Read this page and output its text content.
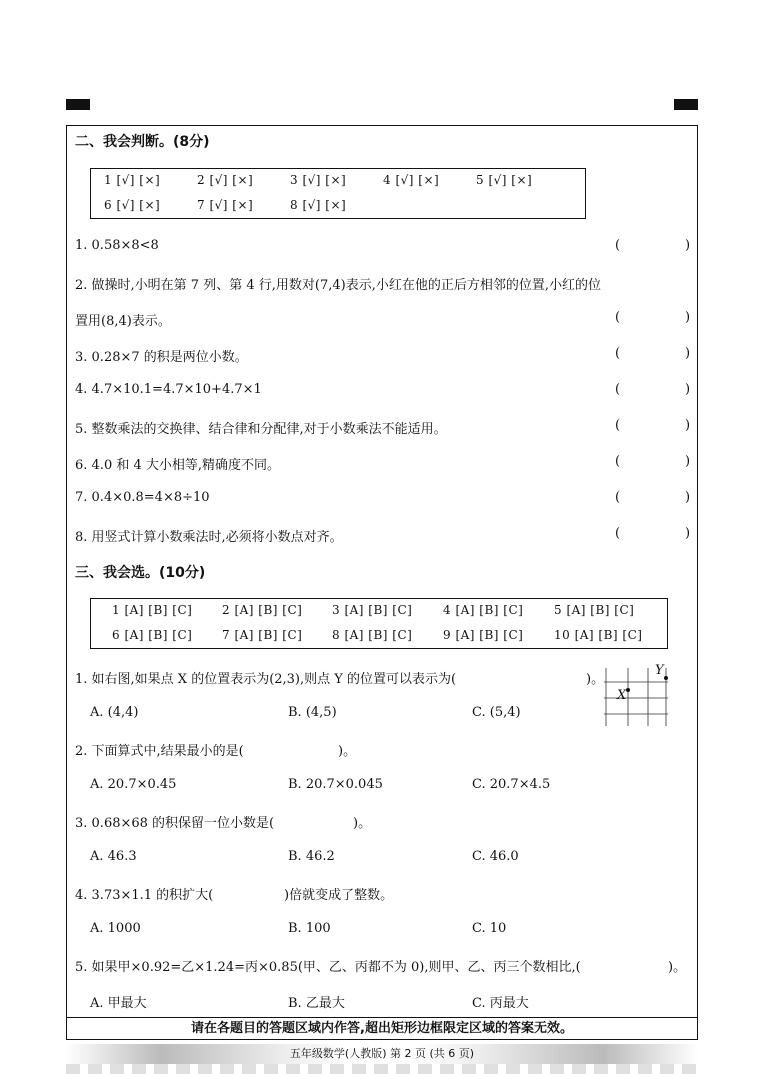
二、我会判断。(8分)
1 [√] [×]	2 [√] [×]	3 [√] [×]	4 [√] [×]	5 [√] [×]
6 [√] [×]	7 [√] [×]	8 [√] [×]
1. 0.58×8<8
2. 做操时,小明在第 7 列、第 4 行,用数对(7,4)表示,小红在他的正后方相邻的位置,小红的位
置用(8,4)表示。
3. 0.28×7 的积是两位小数。
4. 4.7×10.1=4.7×10+4.7×1
5. 整数乘法的交换律、结合律和分配律,对于小数乘法不能适用。
6. 4.0 和 4 大小相等,精确度不同。
7. 0.4×0.8=4×8÷10
8. 用竖式计算小数乘法时,必须将小数点对齐。
(	)
(	)
(	)
(	)
(	)
(	)
(	)
(	)
三、我会选。(10分)
1 [A] [B] [C] 2 [A] [B] [C] 3 [A] [B] [C]	4 [A] [B] [C]	5 [A] [B] [C]
6 [A] [B] [C] 7 [A] [B] [C] 8 [A] [B] [C]	9 [A] [B] [C]	10 [A] [B] [C]
1. 如右图,如果点 X 的位置表示为(2,3),则点 Y 的位置可以表示为(	)。
A. (4,4)	B. (4,5)	C. (5,4)
X
Y
2. 下面算式中,结果最小的是(	)。
A. 20.7×0.45	B. 20.7×0.045	C. 20.7×4.5
3. 0.68×68 的积保留一位小数是(	)。
A. 46.3	B. 46.2	C. 46.0
4. 3.73×1.1 的积扩大(	)倍就变成了整数。
A. 1000	B. 100	C. 10
5. 如果甲×0.92=乙×1.24=丙×0.85(甲、乙、丙都不为 0),则甲、乙、丙三个数相比,(	)。
A. 甲最大	B. 乙最大	C. 丙最大
请在各题目的答题区域内作答,超出矩形边框限定区域的答案无效。
五年级数学(人教版) 第 2 页 (共 6 页)
